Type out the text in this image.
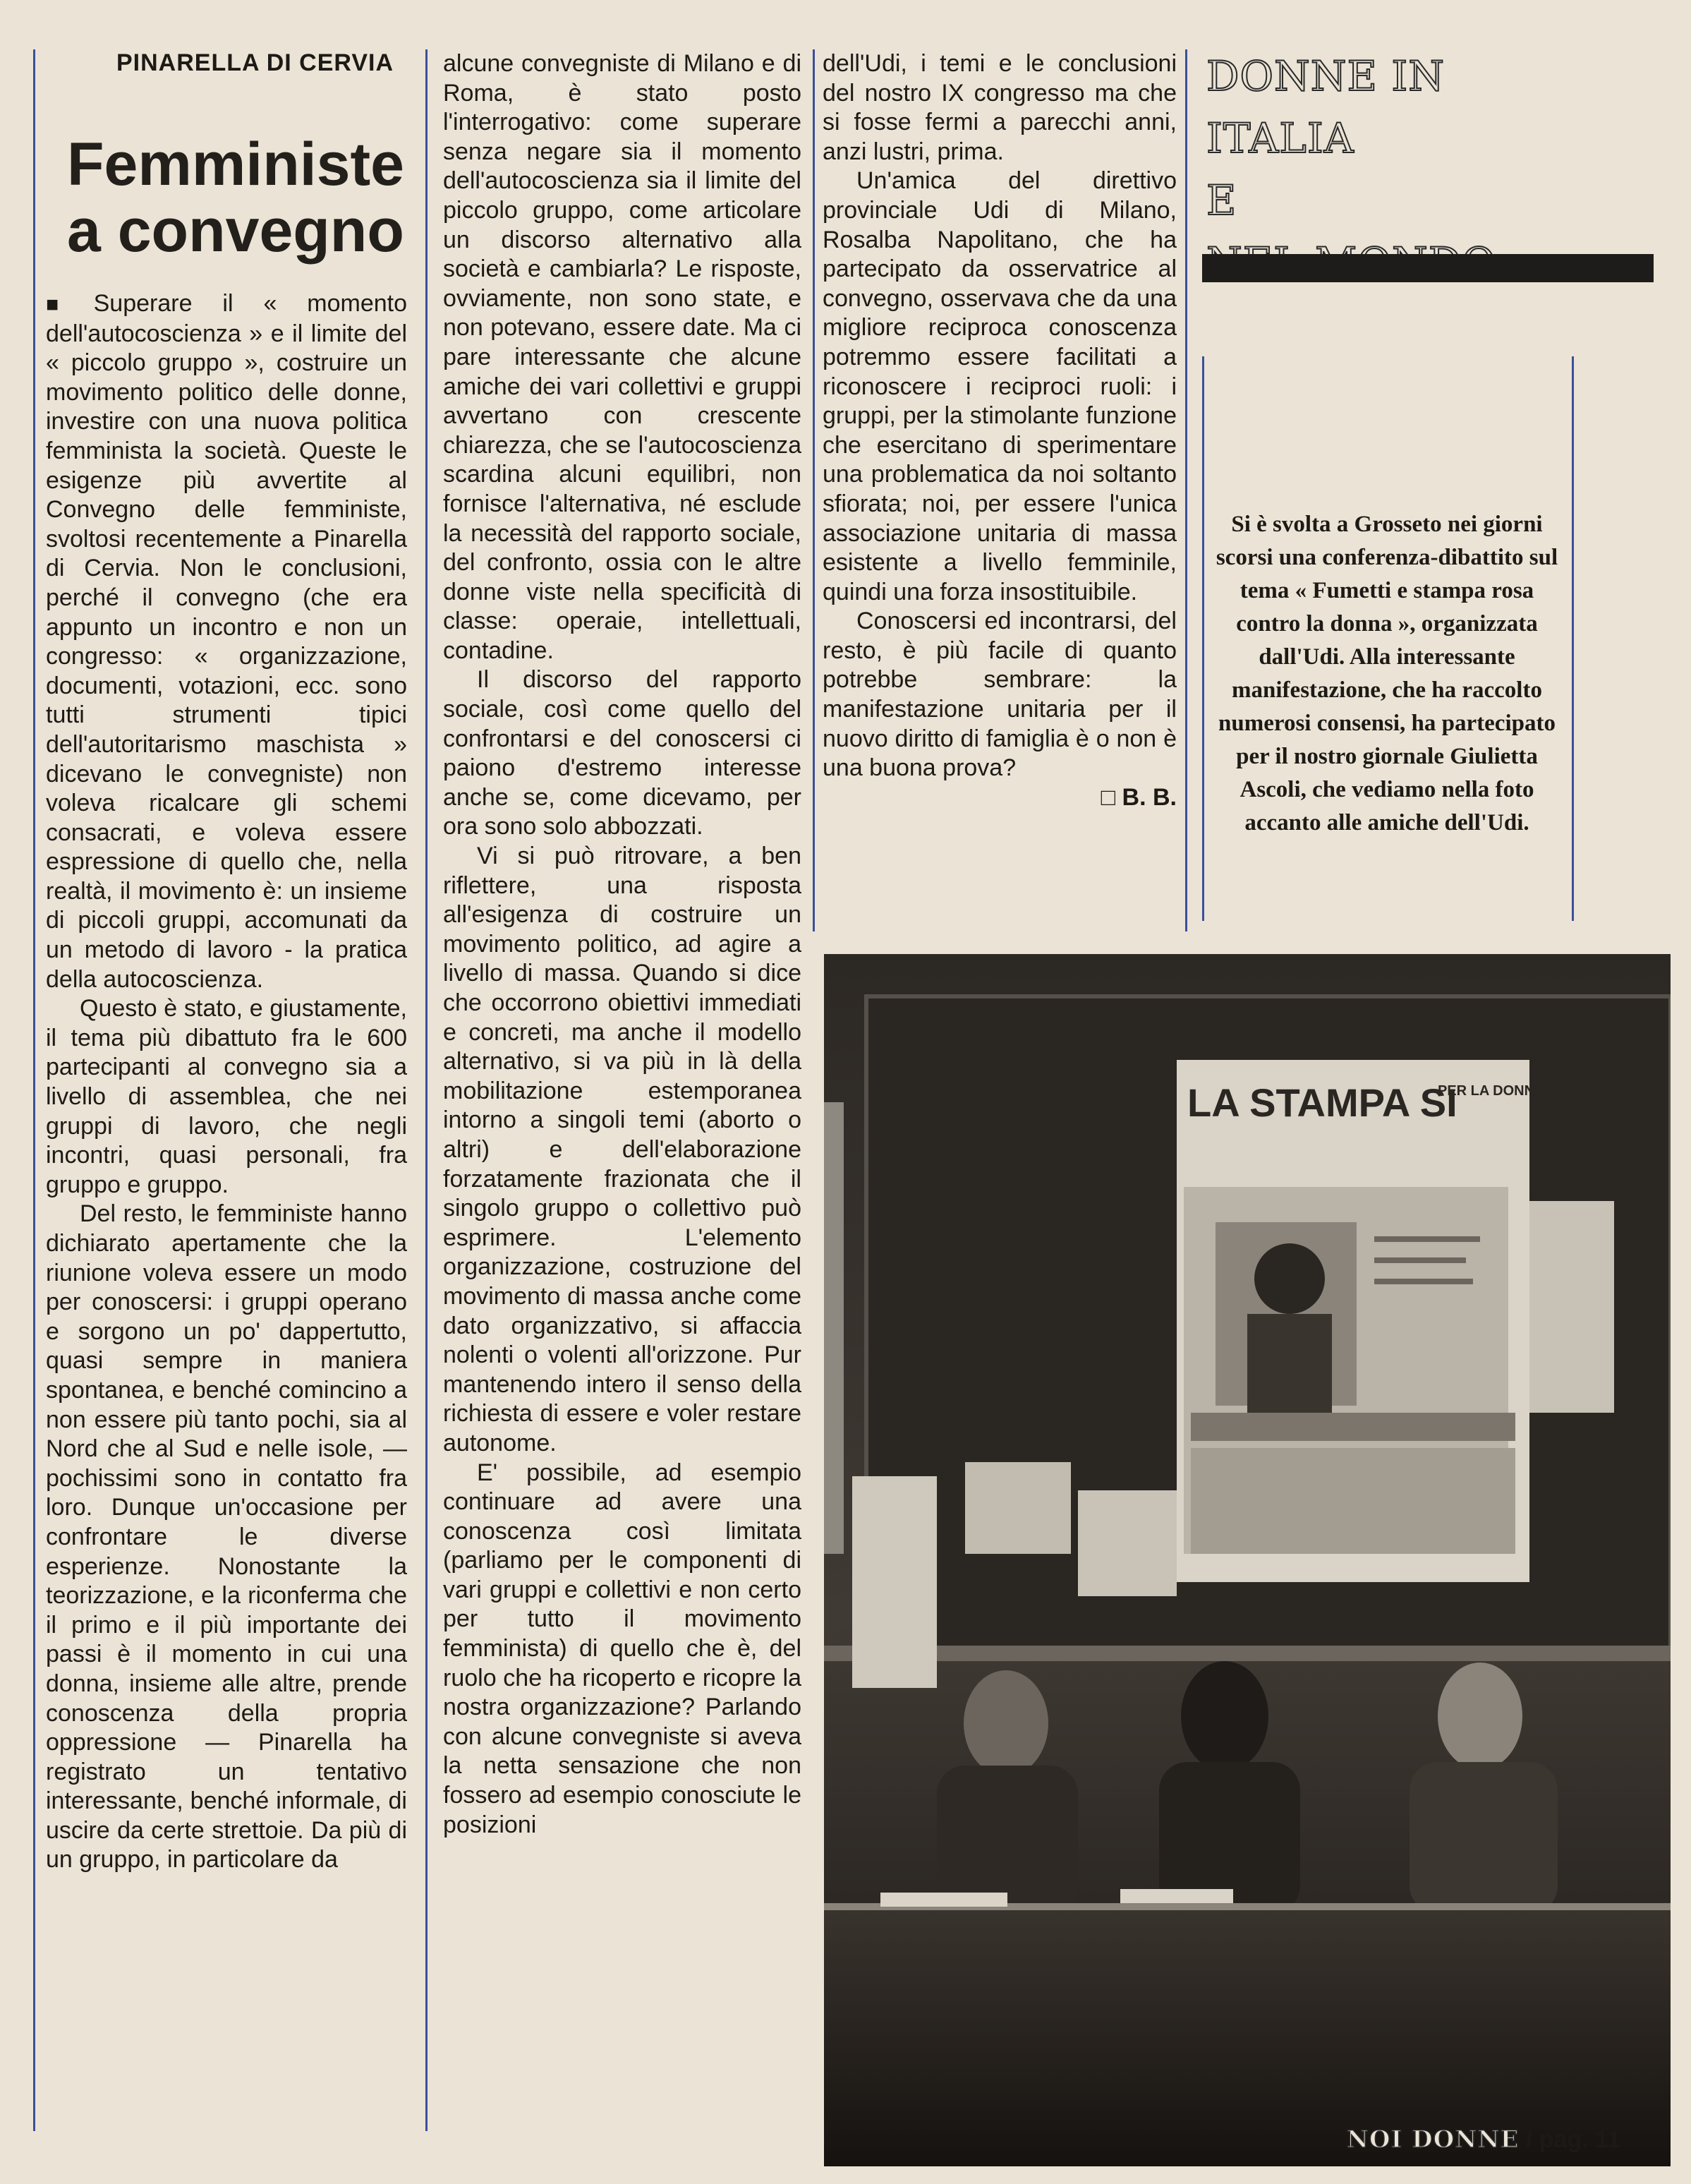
PINARELLA DI CERVIA
Femministe a convegno

■ Superare il « momento dell'autocoscienza » e il limite del « piccolo gruppo », costruire un movimento politico delle donne, investire con una nuova politica femminista la società. Queste le esigenze più avvertite al Convegno delle femministe, svoltosi recentemente a Pinarella di Cervia. Non le conclusioni, perché il convegno (che era appunto un incontro e non un congresso: « organizzazione, documenti, votazioni, ecc. sono tutti strumenti tipici dell'autoritarismo maschista » dicevano le convegniste) non voleva ricalcare gli schemi consacrati, e voleva essere espressione di quello che, nella realtà, il movimento è: un insieme di piccoli gruppi, accomunati da un metodo di lavoro - la pratica della autocoscienza.

Questo è stato, e giustamente, il tema più dibattuto fra le 600 partecipanti al convegno sia a livello di assemblea, che nei gruppi di lavoro, che negli incontri, quasi personali, fra gruppo e gruppo.

Del resto, le femministe hanno dichiarato apertamente che la riunione voleva essere un modo per conoscersi: i gruppi operano e sorgono un po' dappertutto, quasi sempre in maniera spontanea, e benché comincino a non essere più tanto pochi, sia al Nord che al Sud e nelle isole, — pochissimi sono in contatto fra loro. Dunque un'occasione per confrontare le diverse esperienze. Nonostante la teorizzazione, e la riconferma che il primo e il più importante dei passi è il momento in cui una donna, insieme alle altre, prende conoscenza della propria oppressione — Pinarella ha registrato un tentativo interessante, benché informale, di uscire da certe strettoie. Da più di un gruppo, in particolare da

alcune convegniste di Milano e di Roma, è stato posto l'interrogativo: come superare senza negare sia il momento dell'autocoscienza sia il limite del piccolo gruppo, come articolare un discorso alternativo alla società e cambiarla? Le risposte, ovviamente, non sono state, e non potevano, essere date. Ma ci pare interessante che alcune amiche dei vari collettivi e gruppi avvertano con crescente chiarezza, che se l'autocoscienza scardina alcuni equilibri, non fornisce l'alternativa, né esclude la necessità del rapporto sociale, del confronto, ossia con le altre donne viste nella specificità di classe: operaie, intellettuali, contadine.

Il discorso del rapporto sociale, così come quello del confrontarsi e del conoscersi ci paiono d'estremo interesse anche se, come dicevamo, per ora sono solo abbozzati.

Vi si può ritrovare, a ben riflettere, una risposta all'esigenza di costruire un movimento politico, ad agire a livello di massa. Quando si dice che occorrono obiettivi immediati e concreti, ma anche il modello alternativo, si va più in là della mobilitazione estemporanea intorno a singoli temi (aborto o altri) e dell'elaborazione forzatamente frazionata che il singolo gruppo o collettivo può esprimere. L'elemento organizzazione, costruzione del movimento di massa anche come dato organizzativo, si affaccia nolenti o volenti all'orizzone. Pur mantenendo intero il senso della richiesta di essere e voler restare autonome.

E' possibile, ad esempio continuare ad avere una conoscenza così limitata (parliamo per le componenti di vari gruppi e collettivi e non certo per tutto il movimento femminista) di quello che è, del ruolo che ha ricoperto e ricopre la nostra organizzazione? Parlando con alcune convegniste si aveva la netta sensazione che non fossero ad esempio conosciute le posizioni

dell'Udi, i temi e le conclusioni del nostro IX congresso ma che si fosse fermi a parecchi anni, anzi lustri, prima.

Un'amica del direttivo provinciale Udi di Milano, Rosalba Napolitano, che ha partecipato da osservatrice al convegno, osservava che da una migliore reciproca conoscenza potremmo essere facilitati a riconoscere i reciproci ruoli: i gruppi, per la stimolante funzione che esercitano di sperimentare una problematica da noi soltanto sfiorata; noi, per essere l'unica associazione unitaria di massa esistente a livello femminile, quindi una forza insostituibile.

Conoscersi ed incontrarsi, del resto, è più facile di quanto potrebbe sembrare: la manifestazione unitaria per il nuovo diritto di famiglia è o non è una buona prova?

□ B. B.

DONNE IN ITALIA
E
Si è svolta a Grosseto nei giorni scorsi una conferenza-dibattito sul tema « Fumetti e stampa rosa contro la donna », organizzata dall'Udi. Alla interessante manifestazione, che ha raccolto numerosi consensi, ha partecipato per il nostro giornale Giulietta Ascoli, che vediamo nella foto accanto alle amiche dell'Udi.
LA STAMPA SI
PER LA DONNA
NOI DONNE / pag. 11
